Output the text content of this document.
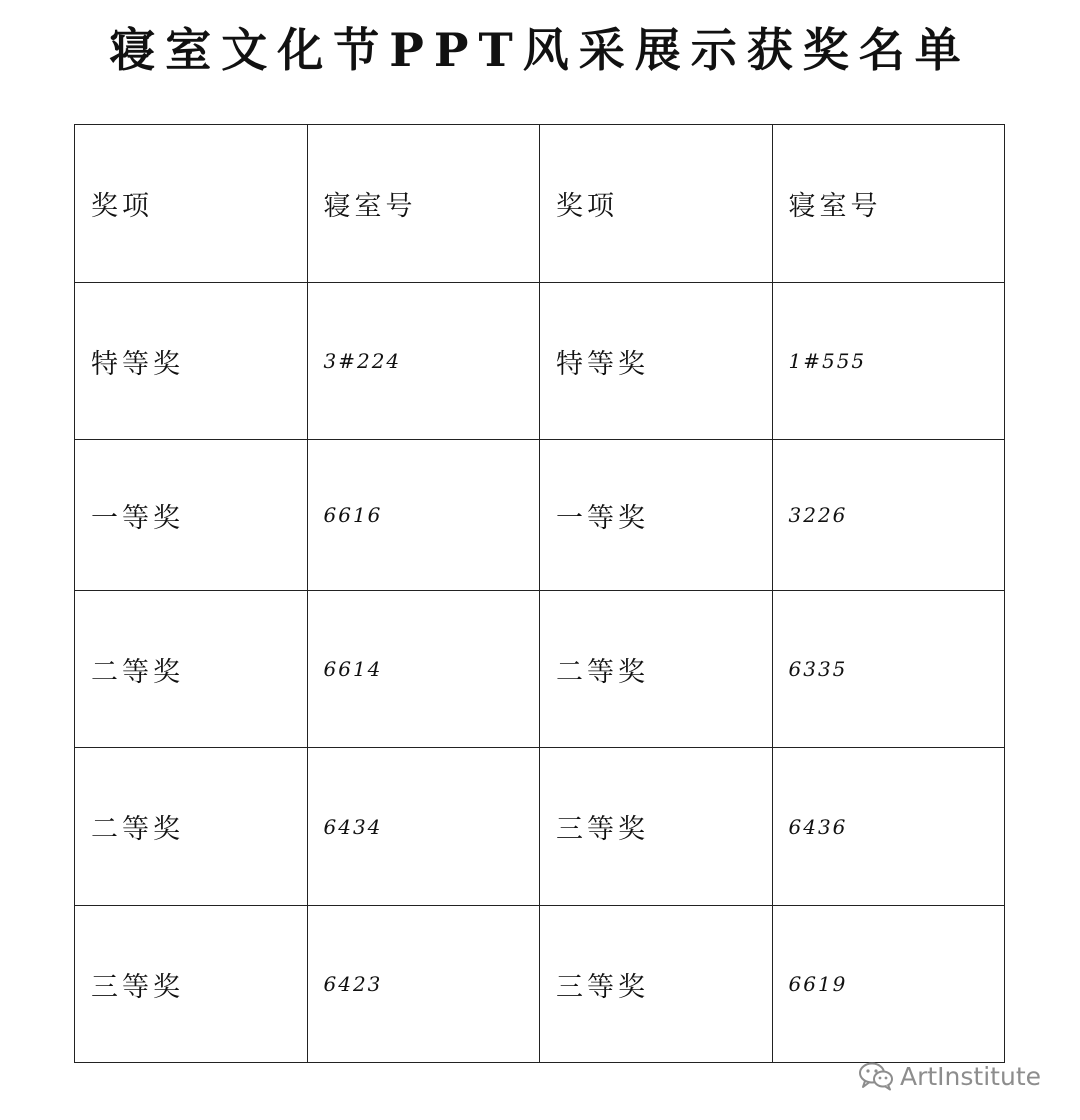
寝室文化节PPT风采展示获奖名单
奖项	寝室号	奖项	寝室号
特等奖	3#224	特等奖	1#555
一等奖	6616	一等奖	3226
二等奖	6614	二等奖	6335
二等奖	6434	三等奖	6436
三等奖	6423	三等奖	6619
ArtInstitute
